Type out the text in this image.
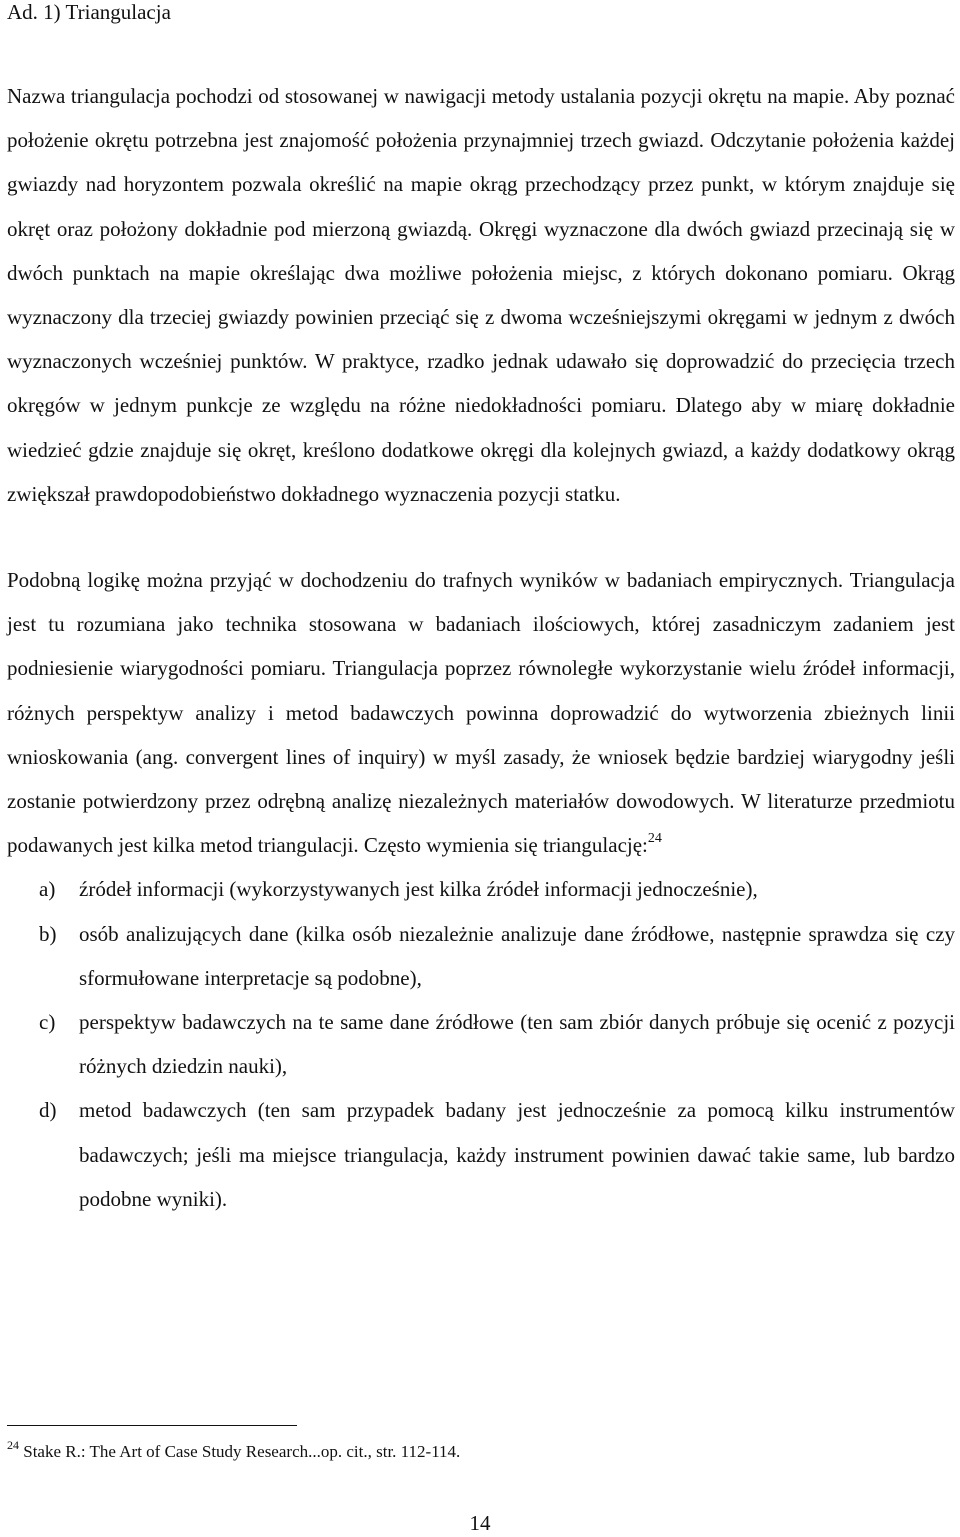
Ad. 1) Triangulacja

Nazwa triangulacja pochodzi od stosowanej w nawigacji metody ustalania pozycji okrętu na mapie. Aby poznać położenie okrętu potrzebna jest znajomość położenia przynajmniej trzech gwiazd. Odczytanie położenia każdej gwiazdy nad horyzontem pozwala określić na mapie okrąg przechodzący przez punkt, w którym znajduje się okręt oraz położony dokładnie pod mierzoną gwiazdą. Okręgi wyznaczone dla dwóch gwiazd przecinają się w dwóch punktach na mapie określając dwa możliwe położenia miejsc, z których dokonano pomiaru. Okrąg wyznaczony dla trzeciej gwiazdy powinien przeciąć się z dwoma wcześniejszymi okręgami w jednym z dwóch wyznaczonych wcześniej punktów. W praktyce, rzadko jednak udawało się doprowadzić do przecięcia trzech okręgów w jednym punkcje ze względu na różne niedokładności pomiaru. Dlatego aby w miarę dokładnie wiedzieć gdzie znajduje się okręt, kreślono dodatkowe okręgi dla kolejnych gwiazd, a każdy dodatkowy okrąg zwiększał prawdopodobieństwo dokładnego wyznaczenia pozycji statku.

Podobną logikę można przyjąć w dochodzeniu do trafnych wyników w badaniach empirycznych. Triangulacja jest tu rozumiana jako technika stosowana w badaniach ilościowych, której zasadniczym zadaniem jest podniesienie wiarygodności pomiaru. Triangulacja poprzez równoległe wykorzystanie wielu źródeł informacji, różnych perspektyw analizy i metod badawczych powinna doprowadzić do wytworzenia zbieżnych linii wnioskowania (ang. convergent lines of inquiry) w myśl zasady, że wniosek będzie bardziej wiarygodny jeśli zostanie potwierdzony przez odrębną analizę niezależnych materiałów dowodowych. W literaturze przedmiotu podawanych jest kilka metod triangulacji. Często wymienia się triangulację:$^{24}$

a) źródeł informacji (wykorzystywanych jest kilka źródeł informacji jednocześnie),
b) osób analizujących dane (kilka osób niezależnie analizuje dane źródłowe, następnie sprawdza się czy sformułowane interpretacje są podobne),
c) perspektyw badawczych na te same dane źródłowe (ten sam zbiór danych próbuje się ocenić z pozycji różnych dziedzin nauki),
d) metod badawczych (ten sam przypadek badany jest jednocześnie za pomocą kilku instrumentów badawczych; jeśli ma miejsce triangulacja, każdy instrument powinien dawać takie same, lub bardzo podobne wyniki).
$^{24}$ Stake R.: The Art of Case Study Research...op. cit., str. 112-114.
14
